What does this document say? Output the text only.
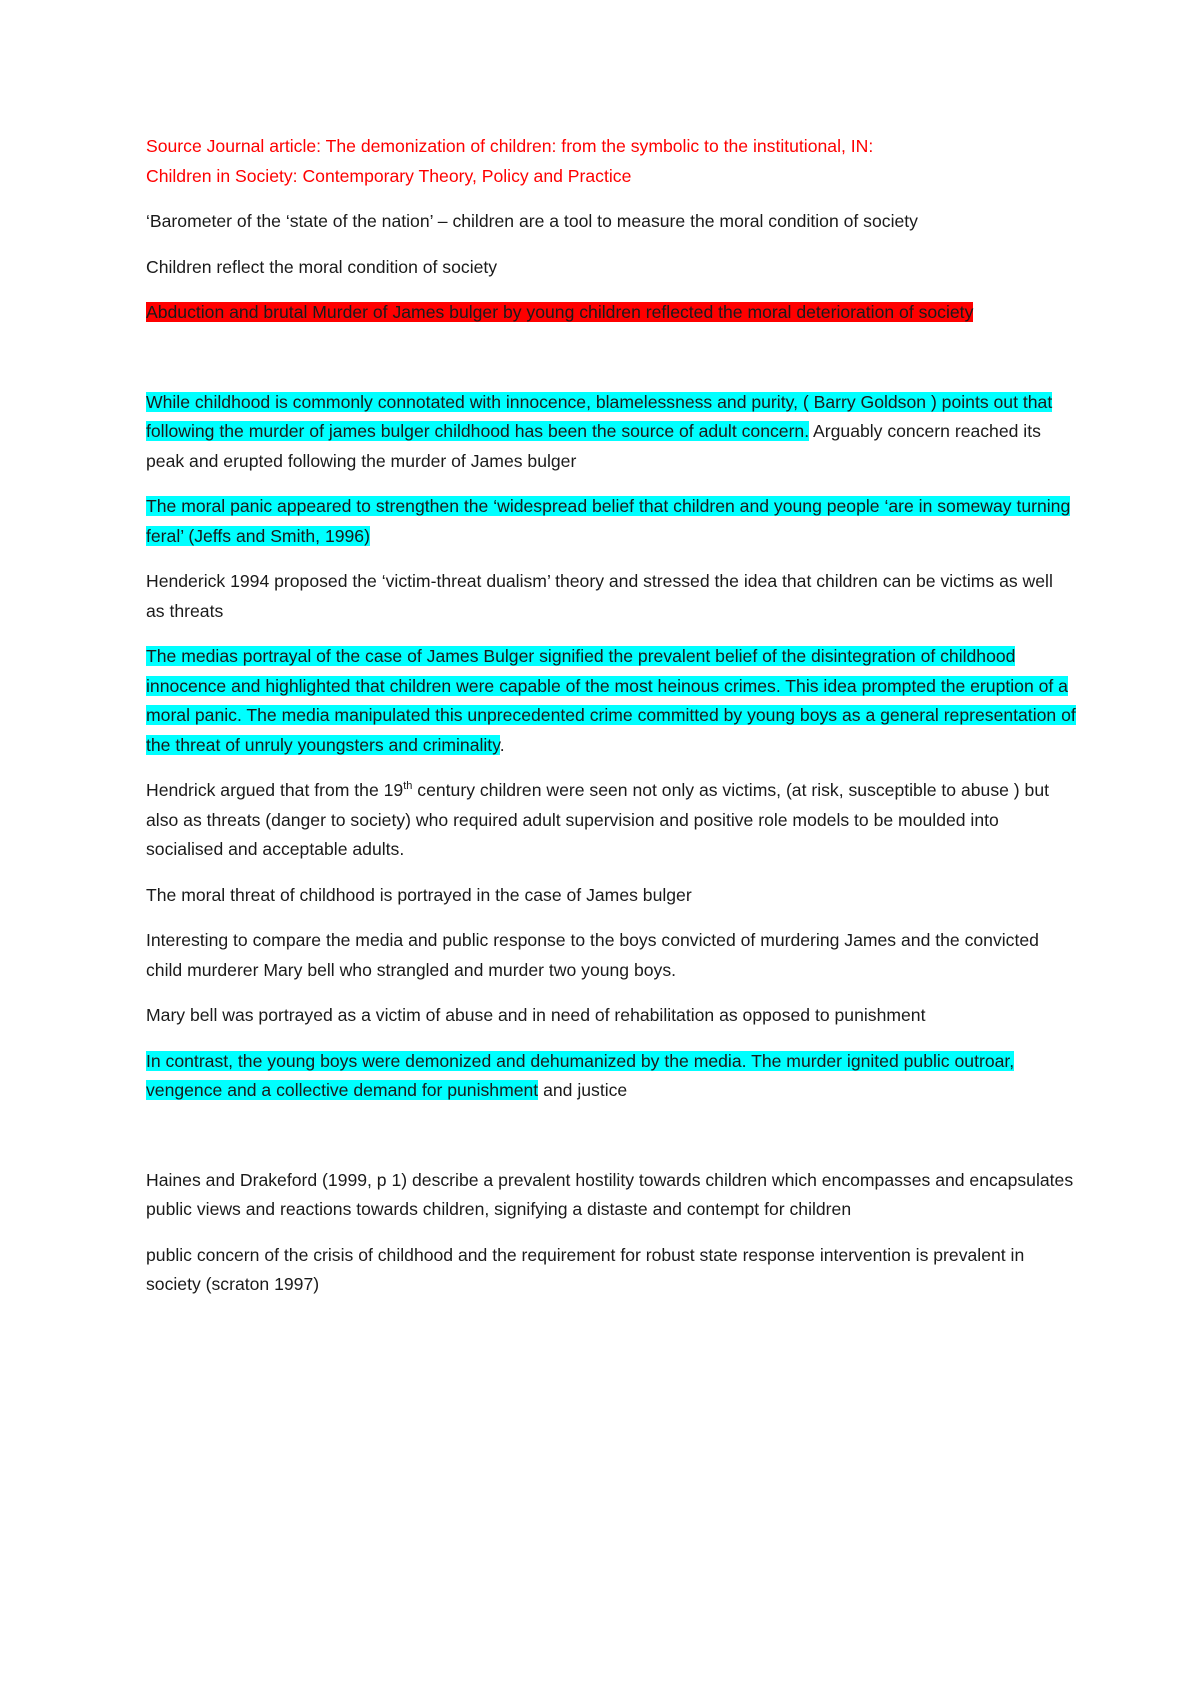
Source Journal article: The demonization of children: from the symbolic to the institutional, IN:
Children in Society: Contemporary Theory, Policy and Practice

‘Barometer of the ‘state of the nation’ – children are a tool to measure the moral condition of society

Children reflect the moral condition of society

Abduction and brutal Murder of James bulger by young children reflected the moral deterioration of society

While childhood is commonly connotated with innocence, blamelessness and purity, ( Barry Goldson ) points out that following the murder of james bulger childhood has been the source of adult concern. Arguably concern reached its peak and erupted following the murder of James bulger

The moral panic appeared to strengthen the ‘widespread belief that children and young people ‘are in someway turning feral’ (Jeffs and Smith, 1996)

Henderick 1994 proposed the ‘victim-threat dualism’ theory and stressed the idea that children can be victims as well as threats

The medias portrayal of the case of James Bulger signified the prevalent belief of the disintegration of childhood innocence and highlighted that children were capable of the most heinous crimes. This idea prompted the eruption of a moral panic. The media manipulated this unprecedented crime committed by young boys as a general representation of the threat of unruly youngsters and criminality.

Hendrick argued that from the 19th century children were seen not only as victims, (at risk, susceptible to abuse ) but also as threats (danger to society) who required adult supervision and positive role models to be moulded into socialised and acceptable adults.

The moral threat of childhood is portrayed in the case of James bulger

Interesting to compare the media and public response to the boys convicted of murdering James and the convicted child murderer Mary bell who strangled and murder two young boys.

Mary bell was portrayed as a victim of abuse and in need of rehabilitation as opposed to punishment

In contrast, the young boys were demonized and dehumanized by the media. The murder ignited public outroar, vengence and a collective demand for punishment and justice

Haines and Drakeford (1999, p 1) describe a prevalent hostility towards children which encompasses and encapsulates public views and reactions towards children, signifying a distaste and contempt for children

public concern of the crisis of childhood and the requirement for robust state response intervention is prevalent in society (scraton 1997)
